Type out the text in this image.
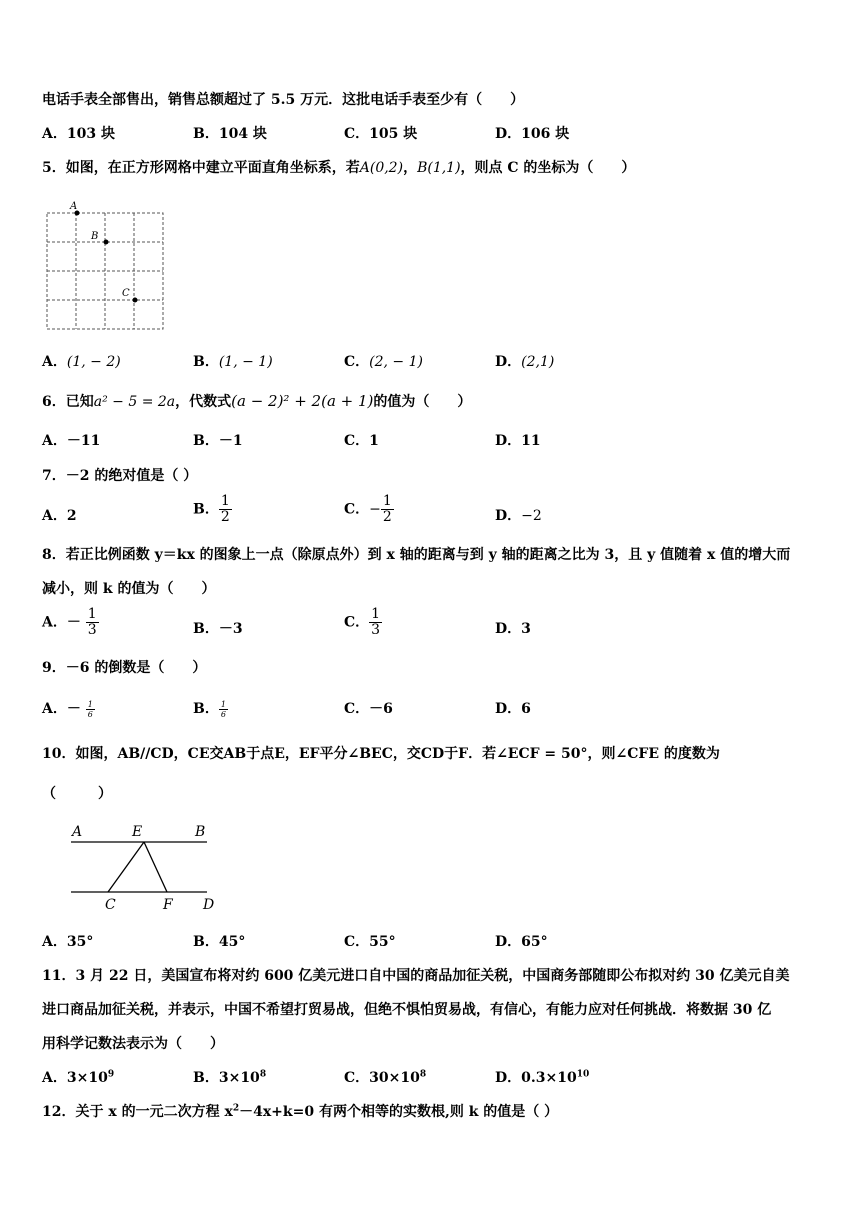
电话手表全部售出，销售总额超过了 5.5 万元．这批电话手表至少有（　　）
A．103 块	B．104 块	C．105 块	D．106 块
5．如图，在正方形网格中建立平面直角坐标系，若A(0,2)，B(1,1)，则点 C 的坐标为（　　）
A
B
C
A．(1, − 2)	B．(1, − 1)	C．(2, − 1)	D．(2,1)
6．已知a² − 5 = 2a，代数式(a − 2)² + 2(a + 1)的值为（　　）
A．－11	B．－1	C．1	D．11
7．－2 的绝对值是（ ）
A．2	B． $\frac{1}{2}$	C．− $\frac{1}{2}$	D．−2
8．若正比例函数 y＝kx 的图象上一点（除原点外）到 x 轴的距离与到 y 轴的距离之比为 3，且 y 值随着 x 值的增大而
减小，则 k 的值为（　　）
A．－ $\frac{1}{3}$	B．－3	C． $\frac{1}{3}$	D．3
9．－6 的倒数是（　　）
A．－ $\frac{1}{6}$	B． $\frac{1}{6}$	C．－6	D．6
10．如图，AB//CD，CE交AB于点E，EF平分∠BEC，交CD于F．若∠ECF = 50°，则∠CFE 的度数为
（　　　）
A	E	B
C	F D
A．35°	B．45°	C．55°	D．65°
11．3 月 22 日，美国宣布将对约 600 亿美元进口自中国的商品加征关税，中国商务部随即公布拟对约 30 亿美元自美
进口商品加征关税，并表示，中国不希望打贸易战，但绝不惧怕贸易战，有信心，有能力应对任何挑战．将数据 30 亿
用科学记数法表示为（　　）
A．$3\times 10^9$	B．$3\times 10^8$	C．$30\times 10^8$	D．$0.3\times 10^{10}$
12．关于 x 的一元二次方程 $x^2-4x+k=0$ 有两个相等的实数根,则 k 的值是（ ）
